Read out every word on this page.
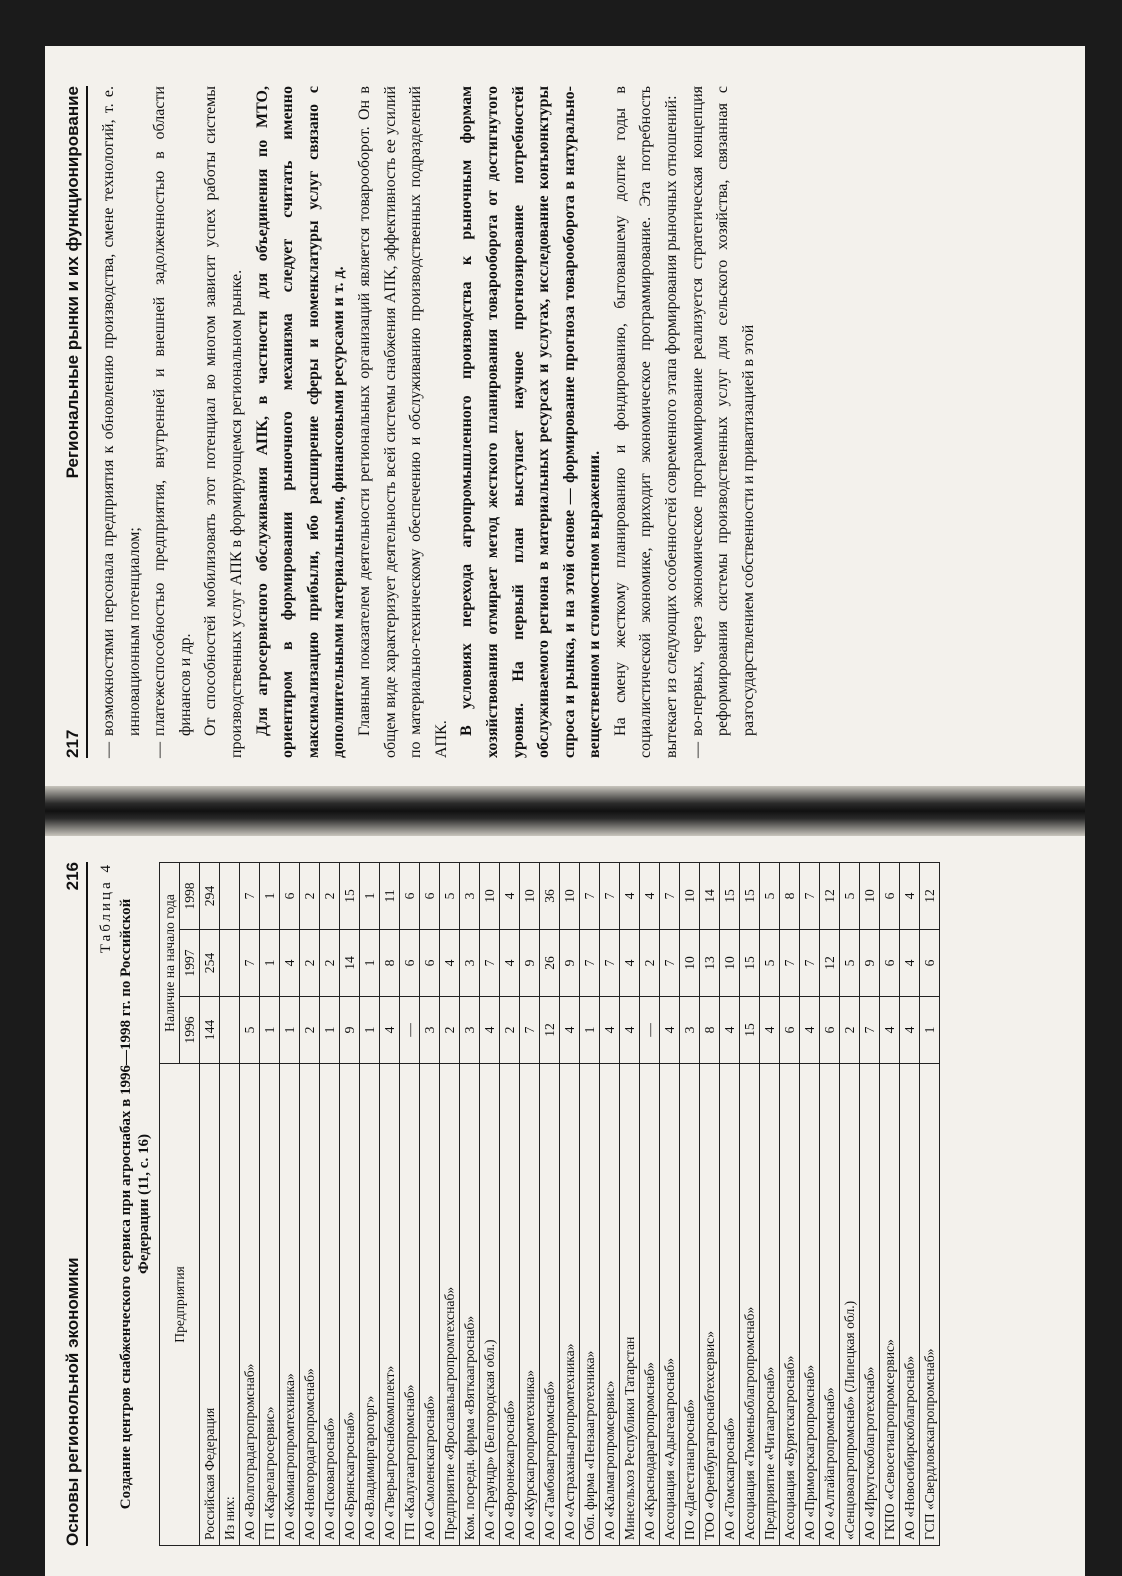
Основы регионольной экономики
216 Таблица 4 Создание центров снабженческого сервиса при агроснабах в 1996—1998 гг. по Российской Федерации (11, с. 16)
Предприятия	Наличие на начало года		
	1996	1997	1998
Российская Федерация	144	254	294
Из них:			
АО «Волгоградагропромснаб»	5	7	7
ГП «Карелагросервис»	1	1	1
АО «Комиагропромтехника»	1	4	6
АО «Новгородагропромснаб»	2	2	2
АО «Псковагроснаб»	1	2	2
АО «Брянскагроснаб»	9	14	15
АО «Владимиргарогорг»	1	1	1
АО «Тверьагроснабкомплект»	4	8	11
ГП «Калугаагропромснаб»	—	6	6
АО «Смоленскагроснаб»	3	6	6
Предприятие «Ярославльагропромтехснаб»	2	4	5
Ком. посредн. фирма «Вяткаагроснаб»	3	3	3
АО «Траундр» (Белгородская обл.)	4	7	10
АО «Воронежагроснаб»	2	4	4
АО «Курскагропромтехника»	7	9	10
АО «Тамбовагропромснаб»	12	26	36
АО «Астраханьагропромтехника»	4	9	10
Обл. фирма «Пензаагротехника»	1	7	7
АО «Калмагропромсервис»	4	7	7
Минсельхоз Республики Татарстан	4	4	4
АО «Краснодарагропромснаб»	—	2	4
Ассоциация «Адыгеаагроснаб»	4	7	7
ПО «Дагестанагроснаб»	3	10	10
ТОО «Оренбургагроснабтехсервис»	8	13	14
АО «Томскагроснаб»	4	10	15
Ассоциация «Тюменьоблагропромснаб»	15	15	15
Предприятие «Читаагроснаб»	4	5	5
Ассоциация «Бурятскагроснаб»	6	7	8
АО «Приморскагропромснаб»	4	7	7
АО «Алтайагропромснаб»	6	12	12
«Сенцовоагропромснаб» (Липецкая обл.)	2	5	5
АО «Иркутскоблагротехснаб»	7	9	10
ГКПО «Севосетиагропромсервис»	4	6	6
АО «Новосибирскоблагроснаб»	4	4	4
ГСП «Свердловскагропромснаб»	1	6	12
217
Региональные рынки и их функционирование

—
возможностями персонала предприятия к обновлению производства, смене технологий, т. е. инновационным потенциалом;

—
платежеспособностью предприятия, внутренней и внешней задолженностью в области финансов и др. От способностей мобилизовать этот потенциал во многом зависит успех работы системы производственных услуг АПК в формирующемся региональном рынке. Для агросервисного обслуживания АПК, в частности для объединения по МТО, ориентиром в формировании рыночного механизма следует считать именно максимализацию прибыли, ибо расширение сферы и номенклатуры услуг связано с дополнительными материальными, финансовыми ресурсами и т. д. Главным показателем деятельности региональных организаций является товарооборот. Он в общем виде характеризует деятельность всей системы снабжения АПК, эффективность ее усилий по материально-техническому обеспечению и обслуживанию производственных подразделений АПК.

В условиях перехода агропромышленного производства к рыночным формам хозяйствования отмирает метод жесткого планирования товарооборота от достигнутого уровня. На первый план выступает научное прогнозирование потребностей обслуживаемого региона в материальных ресурсах и услугах, исследование конъюнктуры спроса и рынка, и на этой основе — формирование прогноза товарооборота в натурально-вещественном и стоимостном выражении. На смену жесткому планированию и фондированию, бытовавшему долгие годы в социалистической экономике, приходит экономическое программирование. Эта потребность вытекает из следующих особенностей современного этапа формирования рыночных отношений: —
во-первых, через экономическое программирование реализуется стратегическая концепция реформирования системы производственных услуг для сельского хозяйства, связанная с разгосударствлением собственности и приватизацией в этой
